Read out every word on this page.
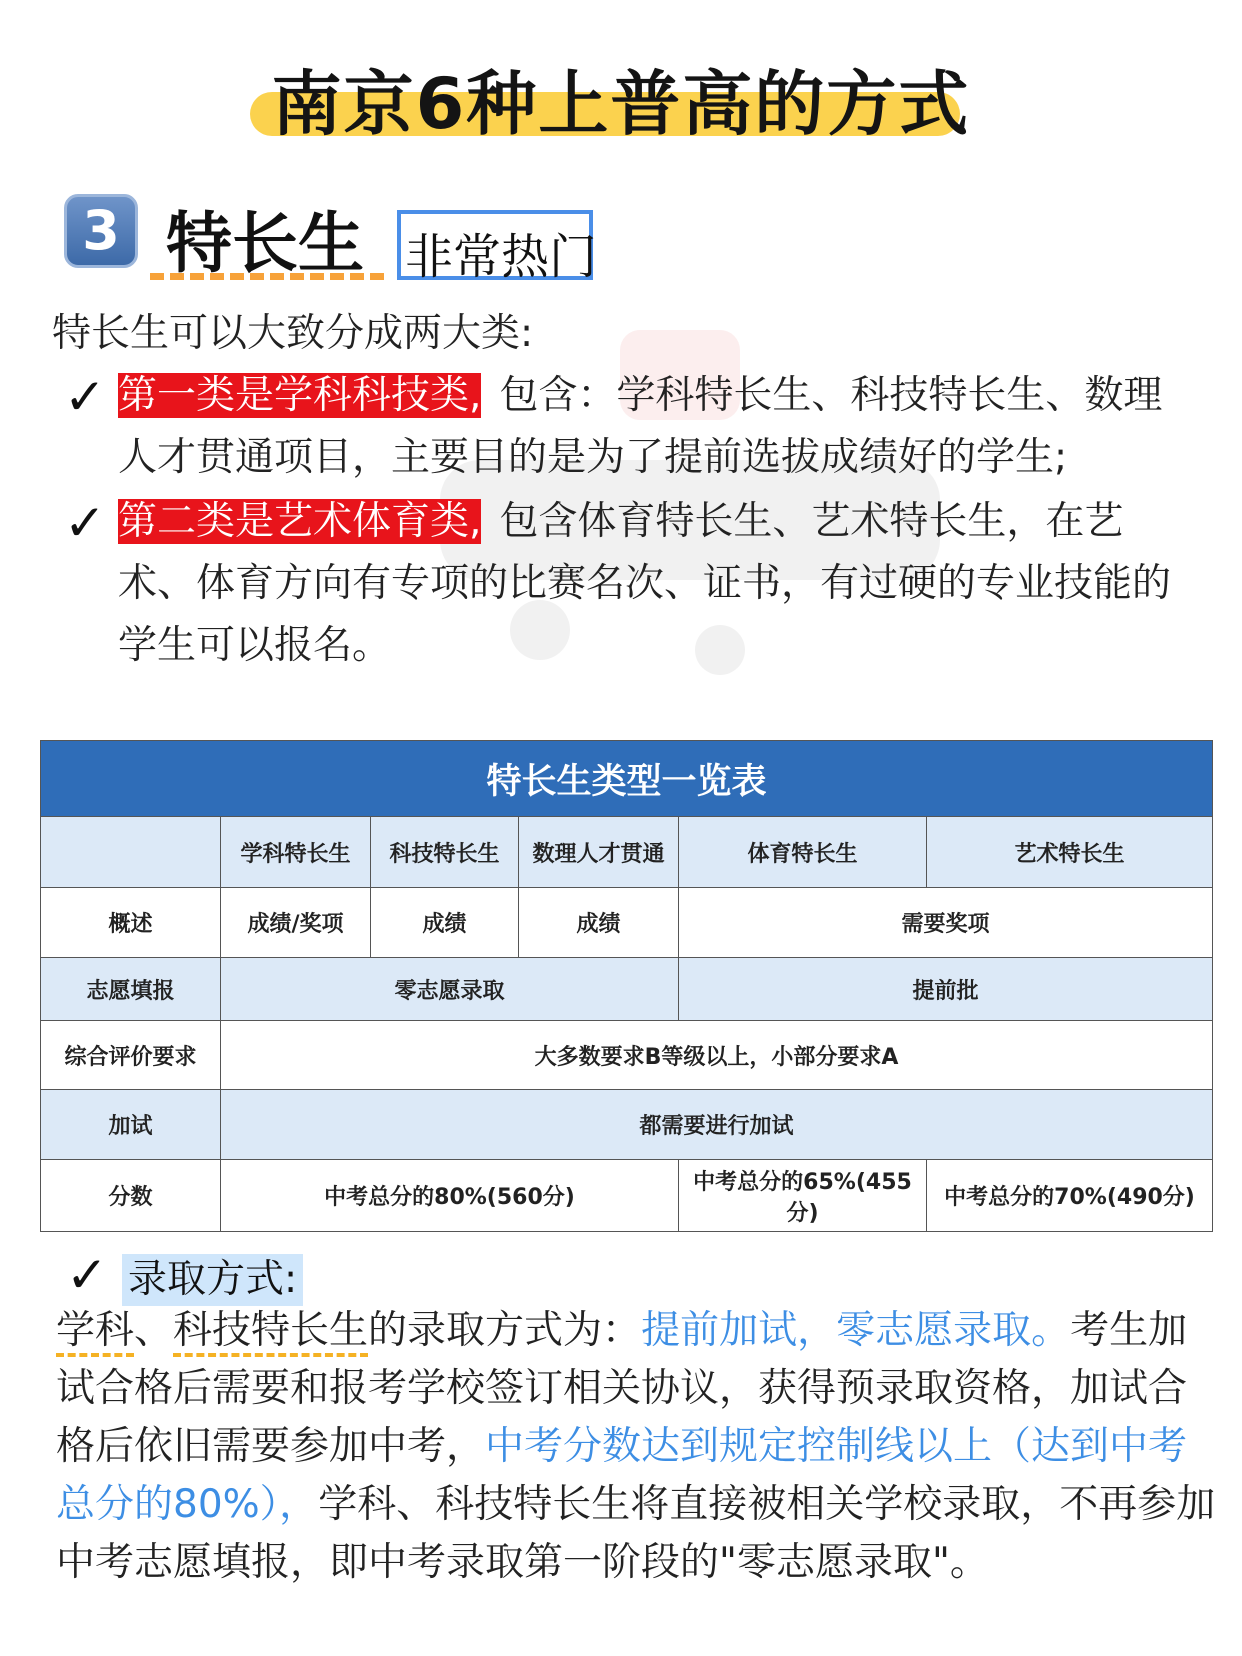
南京6种上普高的方式
3 特长生 非常热门
特长生可以大致分成两大类:
✓ 第一类是学科科技类, 包含：学科特长生、科技特长生、数理
人才贯通项目，主要目的是为了提前选拔成绩好的学生;
✓ 第二类是艺术体育类, 包含体育特长生、艺术特长生，在艺
术、体育方向有专项的比赛名次、证书，有过硬的专业技能的
学生可以报名。
特长生类型一览表					
	学科特长生	科技特长生	数理人才贯通	体育特长生	艺术特长生
概述	成绩/奖项	成绩	成绩	需要奖项	
志愿填报	零志愿录取			提前批	
综合评价要求	大多数要求B等级以上，小部分要求A				
加试	都需要进行加试				
分数	中考总分的80%(560分)			中考总分的65%(455分)	中考总分的70%(490分)
✓ 录取方式:
学科、科技特长生的录取方式为：提前加试，零志愿录取。考生加试合格后需要和报考学校签订相关协议，获得预录取资格，加试合格后依旧需要参加中考，中考分数达到规定控制线以上（达到中考总分的80%），学科、科技特长生将直接被相关学校录取，不再参加中考志愿填报，即中考录取第一阶段的"零志愿录取"。
